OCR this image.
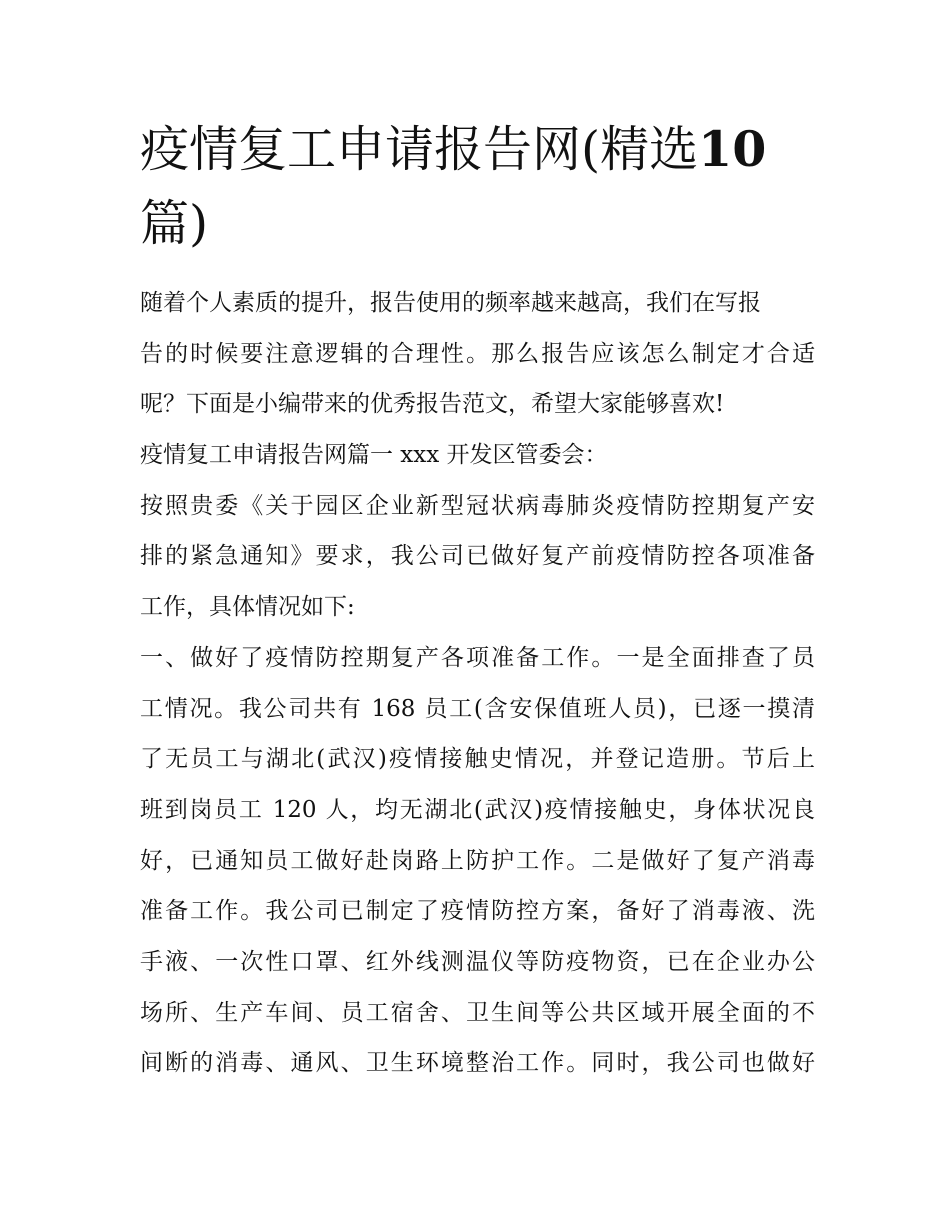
疫情复工申请报告网(精选10
篇)
随着个人素质的提升，报告使用的频率越来越高，我们在写报
告的时候要注意逻辑的合理性。那么报告应该怎么制定才合适
呢？下面是小编带来的优秀报告范文，希望大家能够喜欢!
疫情复工申请报告网篇一 xxx 开发区管委会：
按照贵委《关于园区企业新型冠状病毒肺炎疫情防控期复产安
排的紧急通知》要求，我公司已做好复产前疫情防控各项准备
工作，具体情况如下:
一、做好了疫情防控期复产各项准备工作。一是全面排查了员
工情况。我公司共有 168 员工(含安保值班人员)，已逐一摸清
了无员工与湖北(武汉)疫情接触史情况，并登记造册。节后上
班到岗员工 120 人，均无湖北(武汉)疫情接触史，身体状况良
好，已通知员工做好赴岗路上防护工作。二是做好了复产消毒
准备工作。我公司已制定了疫情防控方案，备好了消毒液、洗
手液、一次性口罩、红外线测温仪等防疫物资，已在企业办公
场所、生产车间、员工宿舍、卫生间等公共区域开展全面的不
间断的消毒、通风、卫生环境整治工作。同时，我公司也做好
